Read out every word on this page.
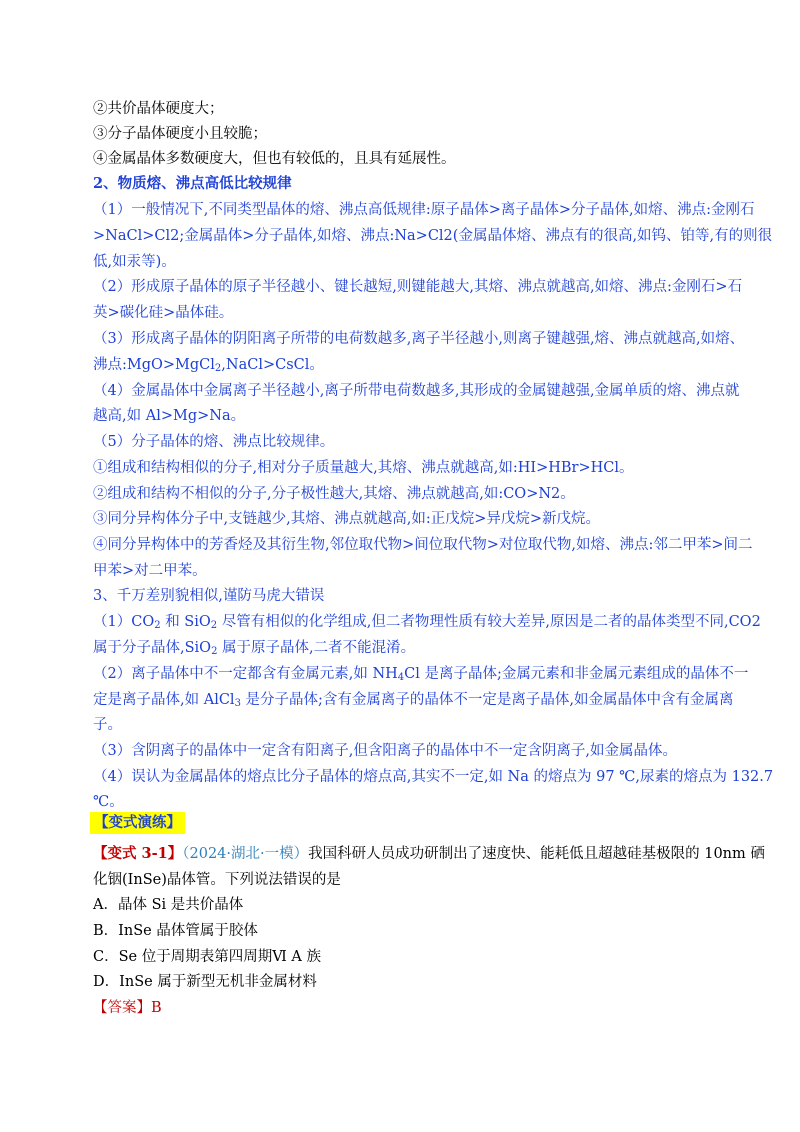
②共价晶体硬度大；
③分子晶体硬度小且较脆；
④金属晶体多数硬度大，但也有较低的，且具有延展性。
2、物质熔、沸点高低比较规律
（1）一般情况下,不同类型晶体的熔、沸点高低规律:原子晶体>离子晶体>分子晶体,如熔、沸点:金刚石
>NaCl>Cl2;金属晶体>分子晶体,如熔、沸点:Na>Cl2(金属晶体熔、沸点有的很高,如钨、铂等,有的则很
低,如汞等)。
（2）形成原子晶体的原子半径越小、键长越短,则键能越大,其熔、沸点就越高,如熔、沸点:金刚石>石
英>碳化硅>晶体硅。
（3）形成离子晶体的阴阳离子所带的电荷数越多,离子半径越小,则离子键越强,熔、沸点就越高,如熔、
沸点:MgO>MgCl$_2$,NaCl>CsCl。
（4）金属晶体中金属离子半径越小,离子所带电荷数越多,其形成的金属键越强,金属单质的熔、沸点就
越高,如 Al>Mg>Na。
（5）分子晶体的熔、沸点比较规律。
①组成和结构相似的分子,相对分子质量越大,其熔、沸点就越高,如:HI>HBr>HCl。
②组成和结构不相似的分子,分子极性越大,其熔、沸点就越高,如:CO>N2。
③同分异构体分子中,支链越少,其熔、沸点就越高,如:正戊烷>异戊烷>新戊烷。
④同分异构体中的芳香烃及其衍生物,邻位取代物>间位取代物>对位取代物,如熔、沸点:邻二甲苯>间二
甲苯>对二甲苯。
3、千万差别貌相似,谨防马虎大错误
$(1)CO_2$ 和 SiO$_2$ 尽管有相似的化学组成,但二者物理性质有较大差异,原因是二者的晶体类型不同,CO2
属于分子晶体,SiO$_2$ 属于原子晶体,二者不能混淆。
（2）离子晶体中不一定都含有金属元素,如 $NH_4Cl$ 是离子晶体;金属元素和非金属元素组成的晶体不一
定是离子晶体,如 AlCl$_3$ 是分子晶体;含有金属离子的晶体不一定是离子晶体,如金属晶体中含有金属离
子。
（3）含阴离子的晶体中一定含有阳离子,但含阳离子的晶体中不一定含阴离子,如金属晶体。
（4）误认为金属晶体的熔点比分子晶体的熔点高,其实不一定,如 Na 的熔点为 97 ℃,尿素的熔点为 132.7
℃。
【变式演练】
【变式 3-1】（2024·湖北·一模）我国科研人员成功研制出了速度快、能耗低且超越硅基极限的 10nm 硒
化铟(InSe)晶体管。下列说法错误的是
A．晶体 Si 是共价晶体
B．InSe 晶体管属于胶体
C．Se 位于周期表第四周期Ⅵ A 族
D．InSe 属于新型无机非金属材料
【答案】B
